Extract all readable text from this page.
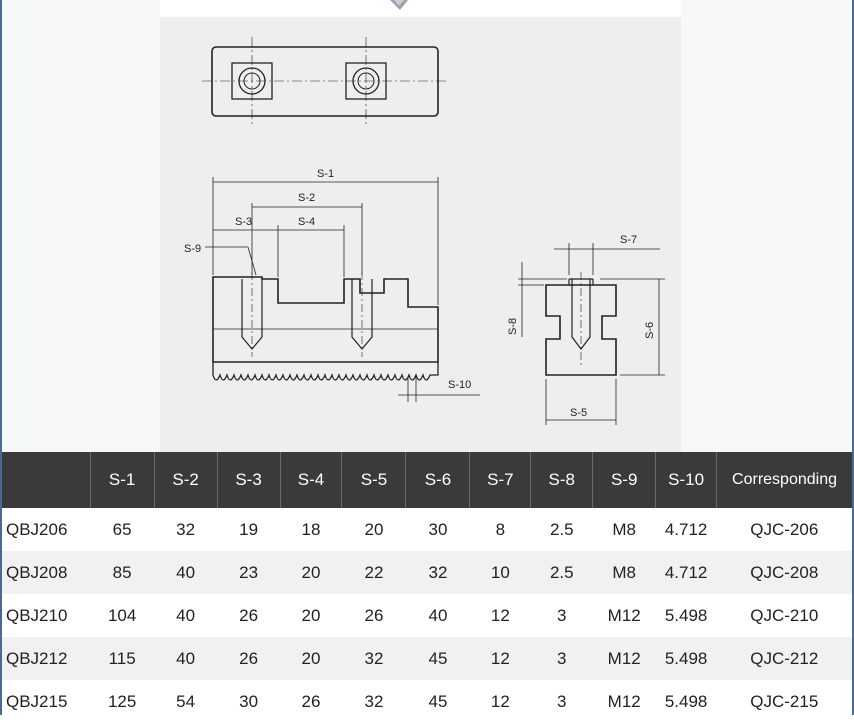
S-1
S-2
S-3	S-4
S-9
S-10
S-7
S-5
S-8	S-6
	S-1	S-2	S-3	S-4	S-5	S-6	S-7	S-8	S-9	S-10	Corresponding
QBJ206	65	32	19	18	20	30	8	2.5	M8	4.712	QJC-206
QBJ208	85	40	23	20	22	32	10	2.5	M8	4.712	QJC-208
QBJ210	104	40	26	20	26	40	12	3	M12	5.498	QJC-210
QBJ212	115	40	26	20	32	45	12	3	M12	5.498	QJC-212
QBJ215	125	54	30	26	32	45	12	3	M12	5.498	QJC-215
